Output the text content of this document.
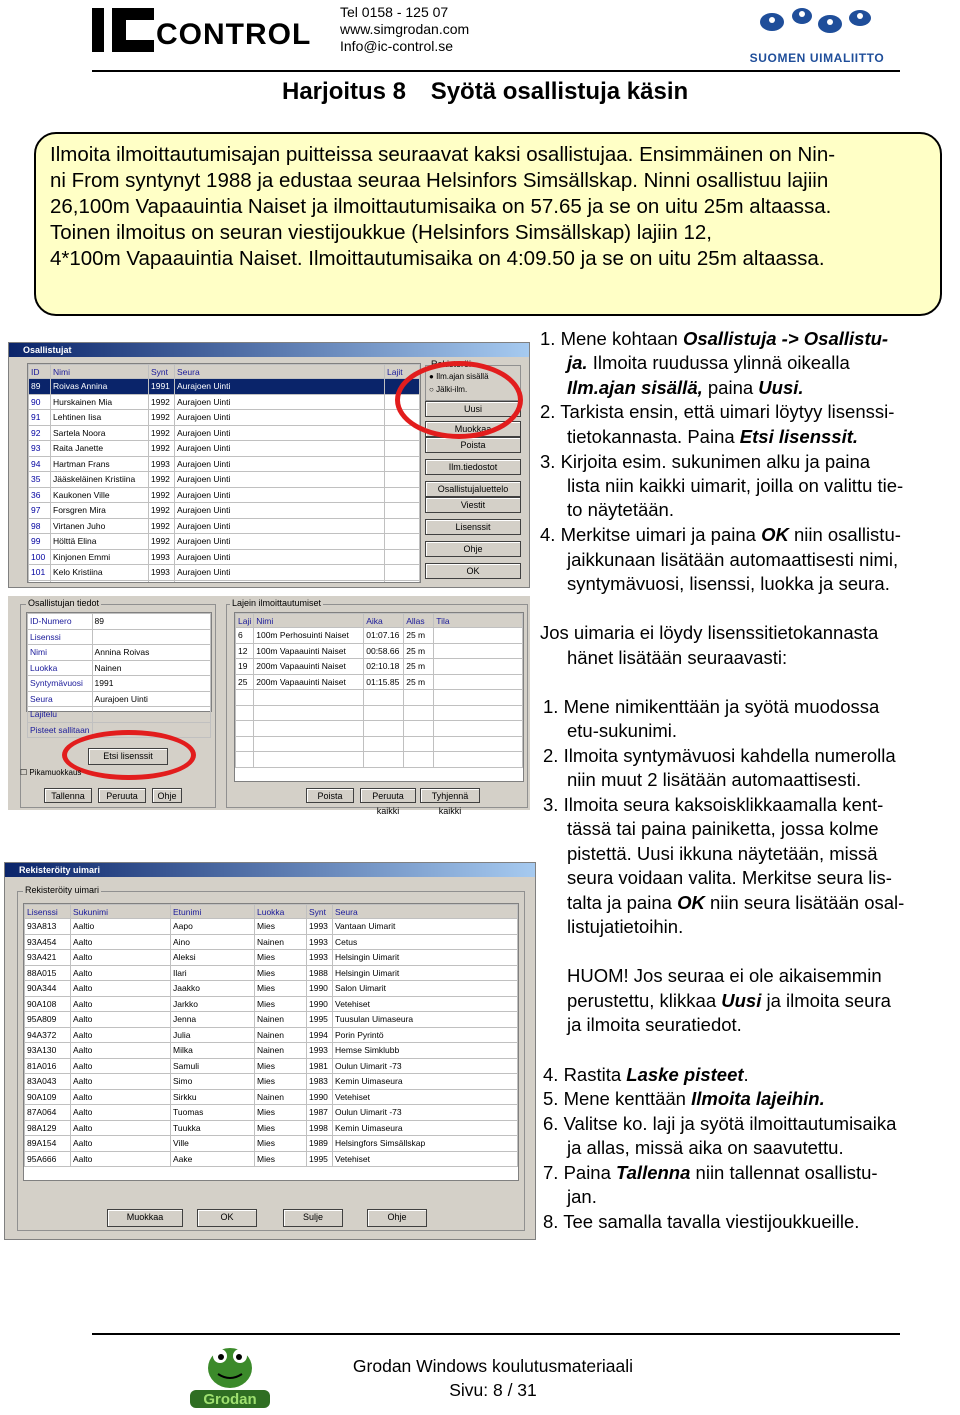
CONTROL
Tel 0158 - 125 07
www.simgrodan.com
Info@ic-control.se
SUOMEN UIMALIITTO
Harjoitus 8 Syötä osallistuja käsin
Ilmoita ilmoittautumisajan puitteissa seuraavat kaksi osallistujaa. Ensimmäinen on Nin-
ni From syntynyt 1988 ja edustaa seuraa Helsinfors Simsällskap. Ninni osallistuu lajiin
26,100m Vapaauintia Naiset ja ilmoittautumisaika on 57.65 ja se on uitu 25m altaassa.
Toinen ilmoitus on seuran viestijoukkue (Helsinfors Simsällskap) lajiin 12,
4*100m Vapaauintia Naiset. Ilmoittautumisaika on 4:09.50 ja se on uitu 25m altaassa.
Osallistujat
ID	Nimi	Synt	Seura	Lajit
89	Roivas Annina	1991	Aurajoen Uinti	
90	Hurskainen Mia	1992	Aurajoen Uinti	
91	Lehtinen Iisa	1992	Aurajoen Uinti	
92	Sartela Noora	1992	Aurajoen Uinti	
93	Raita Janette	1992	Aurajoen Uinti	
94	Hartman Frans	1993	Aurajoen Uinti	
35	Jääskeläinen Kristiina	1992	Aurajoen Uinti	
36	Kaukonen Ville	1992	Aurajoen Uinti	
97	Forsgren Mira	1992	Aurajoen Uinti	
98	Virtanen Juho	1992	Aurajoen Uinti	
99	Hölttä Elina	1992	Aurajoen Uinti	
100	Kinjonen Emmi	1993	Aurajoen Uinti	
101	Kelo Kristiina	1993	Aurajoen Uinti	

Rekisteröi
● Ilm.ajan sisällä
○ Jälki-ilm.
Uusi
Muokkaa
Poista
Ilm.tiedostot
Osallistujaluettelo
Viestit
Lisenssit
Ohje
OK
Osallistujan tiedot
ID-Numero	89
Lisenssi	
Nimi	Annina Roivas
Luokka	Nainen
Syntymävuosi	1991
Seura	Aurajoen Uinti
Lajitelu	
Pisteet sallitaan	
Etsi lisenssit
☐ Pikamuokkaus
Tallenna	Peruuta	Ohje
Lajein ilmoittautumiset
Laji	Nimi	Aika	Allas	Tila
6	100m Perhosuinti Naiset	01:07.16	25 m	
12	100m Vapaauinti Naiset	00:58.66	25 m	
19	200m Vapaauinti Naiset	02:10.18	25 m	
25	200m Vapaauinti Naiset	01:15.85	25 m	

Poista	Peruuta kaikki
Tyhjennä kaikki
Rekisteröity uimari
Rekisteröity uimari
Lisenssi	Sukunimi	Etunimi	Luokka	Synt	Seura
93A813	Aaltio	Aapo	Mies	1993	Vantaan Uimarit
93A454	Aalto	Aino	Nainen	1993	Cetus
93A421	Aalto	Aleksi	Mies	1993	Helsingin Uimarit
88A015	Aalto	Ilari	Mies	1988	Helsingin Uimarit
90A344	Aalto	Jaakko	Mies	1990	Salon Uimarit
90A108	Aalto	Jarkko	Mies	1990	Vetehiset
95A809	Aalto	Jenna	Nainen	1995	Tuusulan Uimaseura
94A372	Aalto	Julia	Nainen	1994	Porin Pyrintö
93A130	Aalto	Milka	Nainen	1993	Hemse Simklubb
81A016	Aalto	Samuli	Mies	1981	Oulun Uimarit -73
83A043	Aalto	Simo	Mies	1983	Kemin Uimaseura
90A109	Aalto	Sirkku	Nainen	1990	Vetehiset
87A064	Aalto	Tuomas	Mies	1987	Oulun Uimarit -73
98A129	Aalto	Tuukka	Mies	1998	Kemin Uimaseura
89A154	Aalto	Ville	Mies	1989	Helsingfors Simsällskap
95A666	Aalto	Aake	Mies	1995	Vetehiset
Muokkaa	OK	Sulje	Ohje
1. Mene kohtaan Osallistuja -> Osallistu-
ja. Ilmoita ruudussa ylinnä oikealla
Ilm.ajan sisällä, paina Uusi.
2. Tarkista ensin, että uimari löytyy lisenssi-
tietokannasta. Paina Etsi lisenssit.
3. Kirjoita esim. sukunimen alku ja paina
lista niin kaikki uimarit, joilla on valittu tie-
to näytetään.
4. Merkitse uimari ja paina OK niin osallistu-
jaikkunaan lisätään automaattisesti nimi,
syntymävuosi, lisenssi, luokka ja seura.
Jos uimaria ei löydy lisenssitietokannasta
hänet lisätään seuraavasti:
1. Mene nimikenttään ja syötä muodossa
etu-sukunimi.
2. Ilmoita syntymävuosi kahdella numerolla
niin muut 2 lisätään automaattisesti.
3. Ilmoita seura kaksoisklikkaamalla kent-
tässä tai paina painiketta, jossa kolme
pistettä. Uusi ikkuna näytetään, missä
seura voidaan valita. Merkitse seura lis-
talta ja paina OK niin seura lisätään osal-
listujatietoihin.
HUOM! Jos seuraa ei ole aikaisemmin
perustettu, klikkaa Uusi ja ilmoita seura
ja ilmoita seuratiedot.
4. Rastita Laske pisteet.
5. Mene kenttään Ilmoita lajeihin.
6. Valitse ko. laji ja syötä ilmoittautumisaika
ja allas, missä aika on saavutettu.
7. Paina Tallenna niin tallennat osallistu-
jan.
8. Tee samalla tavalla viestijoukkueille.
Grodan
Grodan Windows koulutusmateriaali
Sivu: 8 / 31
